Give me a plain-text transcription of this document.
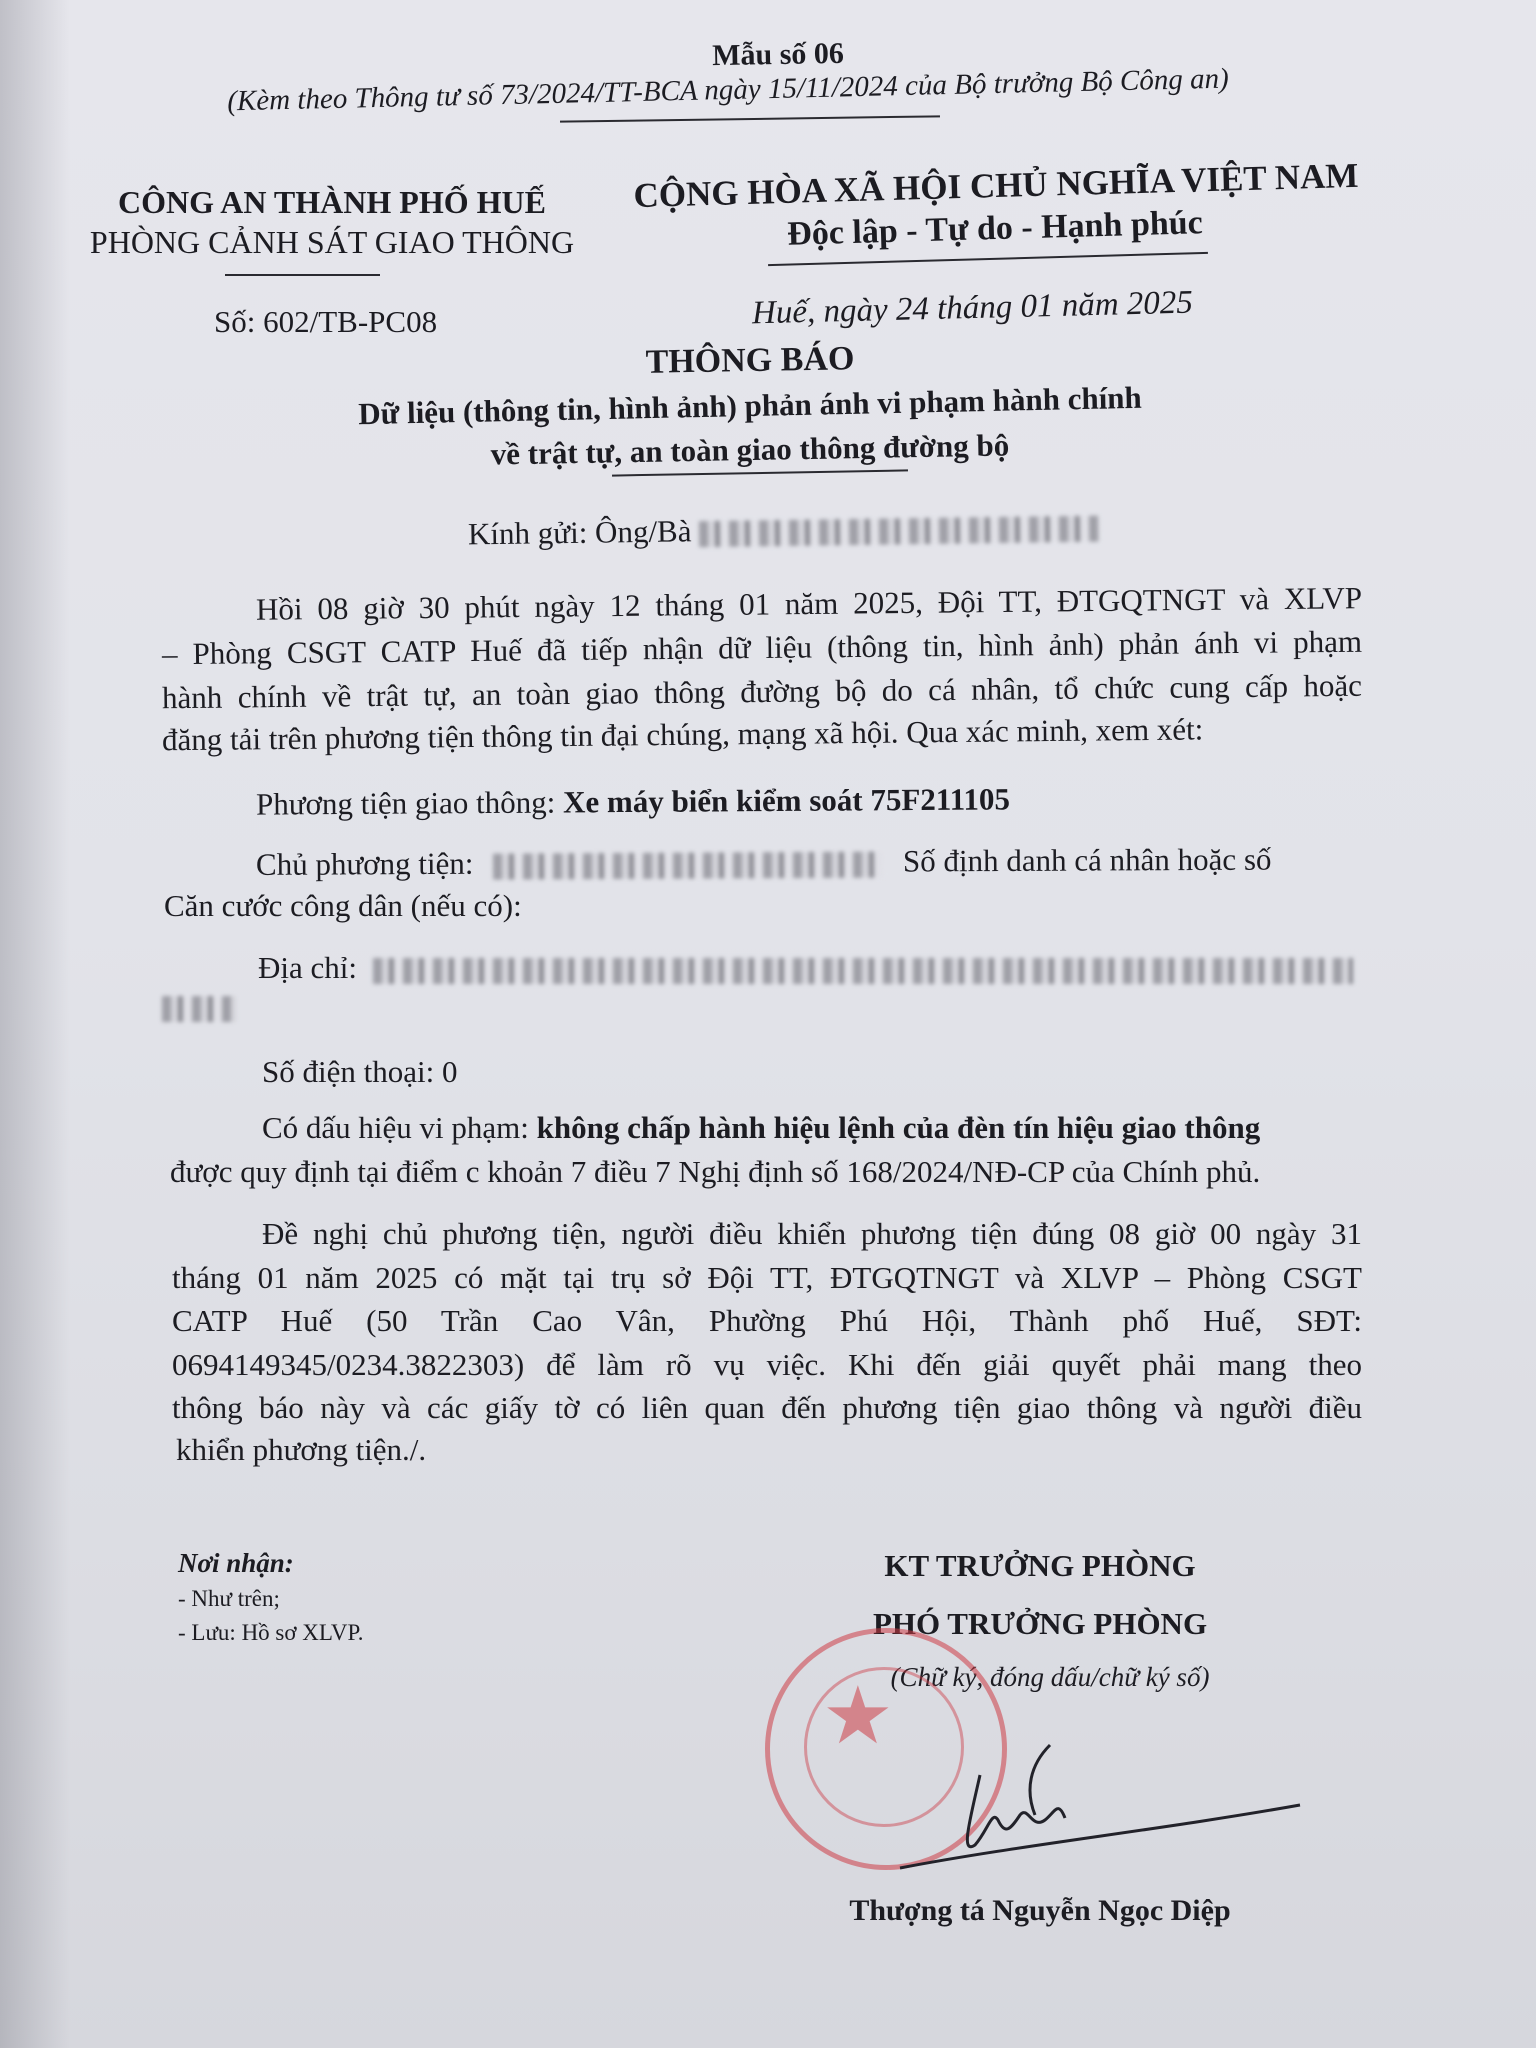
Mẫu số 06
(Kèm theo Thông tư số 73/2024/TT-BCA ngày 15/11/2024 của Bộ trưởng Bộ Công an)
CÔNG AN THÀNH PHỐ HUẾ
PHÒNG CẢNH SÁT GIAO THÔNG
Số: 602/TB-PC08
CỘNG HÒA XÃ HỘI CHỦ NGHĨA VIỆT NAM
Độc lập - Tự do - Hạnh phúc
Huế, ngày 24 tháng 01 năm 2025
THÔNG BÁO
Dữ liệu (thông tin, hình ảnh) phản ánh vi phạm hành chính
về trật tự, an toàn giao thông đường bộ
Kính gửi: Ông/Bà
Hồi 08 giờ 30 phút ngày 12 tháng 01 năm 2025, Đội TT, ĐTGQTNGT và XLVP
– Phòng CSGT CATP Huế đã tiếp nhận dữ liệu (thông tin, hình ảnh) phản ánh vi phạm
hành chính về trật tự, an toàn giao thông đường bộ do cá nhân, tổ chức cung cấp hoặc
đăng tải trên phương tiện thông tin đại chúng, mạng xã hội. Qua xác minh, xem xét:
Phương tiện giao thông: Xe máy biển kiểm soát 75F211105
Chủ phương tiện:	Số định danh cá nhân hoặc số
Căn cước công dân (nếu có):
Địa chỉ:
Số điện thoại: 0
Có dấu hiệu vi phạm: không chấp hành hiệu lệnh của đèn tín hiệu giao thông
được quy định tại điểm c khoản 7 điều 7 Nghị định số 168/2024/NĐ-CP của Chính phủ.
Đề nghị chủ phương tiện, người điều khiển phương tiện đúng 08 giờ 00 ngày 31
tháng 01 năm 2025 có mặt tại trụ sở Đội TT, ĐTGQTNGT và XLVP – Phòng CSGT
CATP Huế (50 Trần Cao Vân, Phường Phú Hội, Thành phố Huế, SĐT:
0694149345/0234.3822303) để làm rõ vụ việc. Khi đến giải quyết phải mang theo
thông báo này và các giấy tờ có liên quan đến phương tiện giao thông và người điều
khiển phương tiện./.
Nơi nhận:
- Như trên;
- Lưu: Hồ sơ XLVP.
KT TRƯỞNG PHÒNG
PHÓ TRƯỞNG PHÒNG
(Chữ ký, đóng dấu/chữ ký số)
★
Thượng tá Nguyễn Ngọc Diệp
